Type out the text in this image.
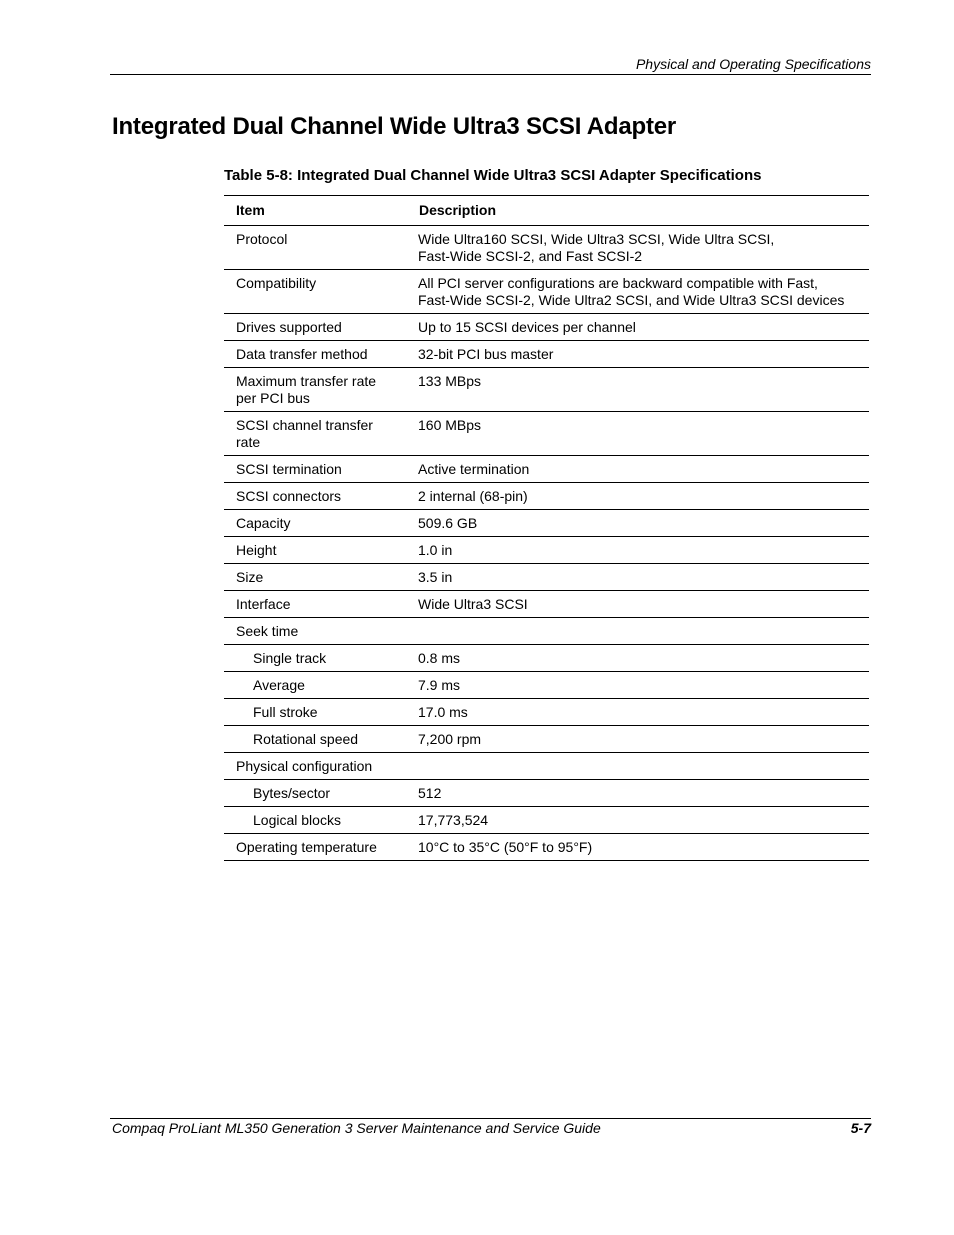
Physical and Operating Specifications
Integrated Dual Channel Wide Ultra3 SCSI Adapter
Table 5-8: Integrated Dual Channel Wide Ultra3 SCSI Adapter Specifications
Item	Description
Protocol	Wide Ultra160 SCSI, Wide Ultra3 SCSI, Wide Ultra SCSI,
Fast-Wide SCSI-2, and Fast SCSI-2
Compatibility	All PCI server configurations are backward compatible with Fast,
Fast-Wide SCSI-2, Wide Ultra2 SCSI, and Wide Ultra3 SCSI devices
Drives supported	Up to 15 SCSI devices per channel
Data transfer method	32-bit PCI bus master
Maximum transfer rate
per PCI bus	133 MBps
SCSI channel transfer
rate	160 MBps
SCSI termination	Active termination
SCSI connectors	2 internal (68-pin)
Capacity	509.6 GB
Height	1.0 in
Size	3.5 in
Interface	Wide Ultra3 SCSI
Seek time	
Single track	0.8 ms
Average	7.9 ms
Full stroke	17.0 ms
Rotational speed	7,200 rpm
Physical configuration	
Bytes/sector	512
Logical blocks	17,773,524
Operating temperature	10°C to 35°C (50°F to 95°F)
Compaq ProLiant ML350 Generation 3 Server Maintenance and Service Guide	5-7
